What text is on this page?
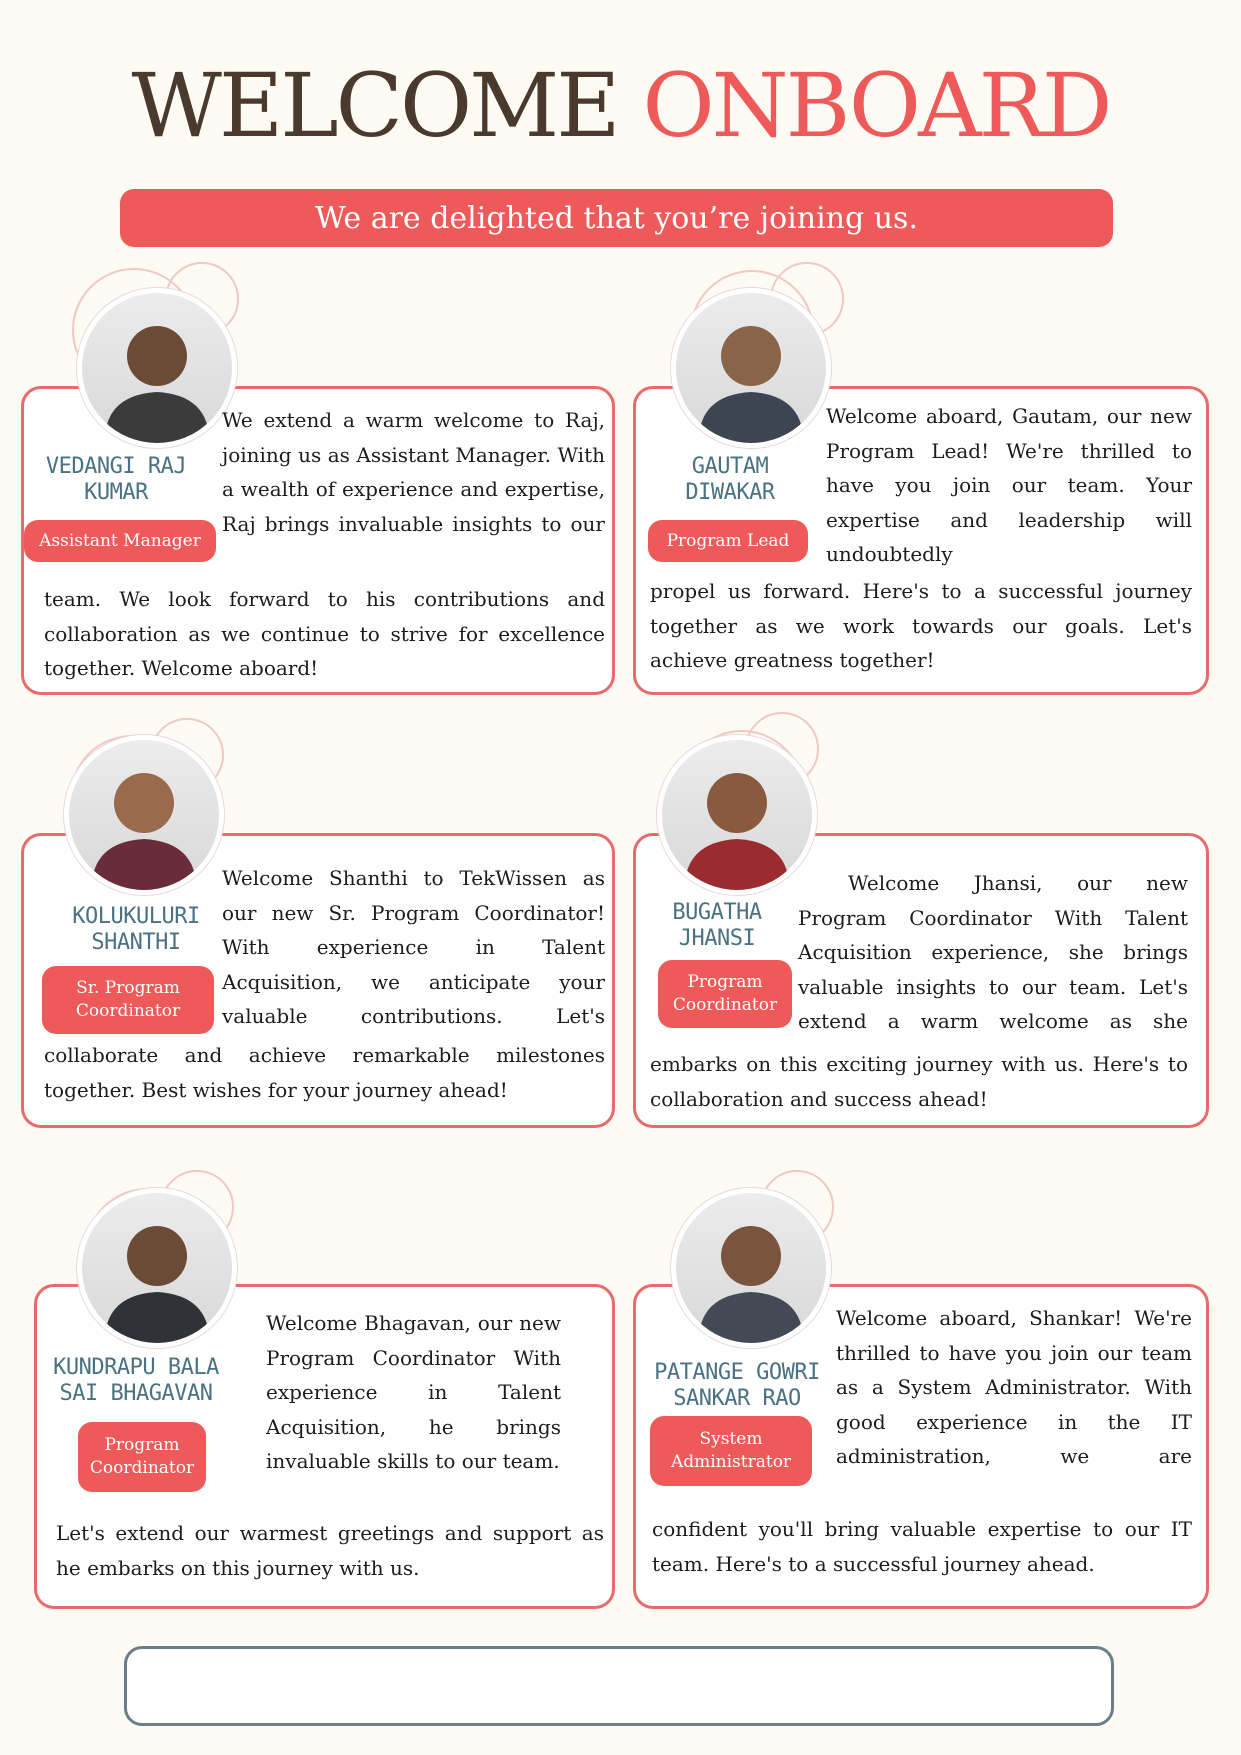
WELCOME ONBOARD
We are delighted that you’re joining us.
VEDANGI RAJ
KUMAR
Assistant Manager
We extend a warm welcome to Raj, joining us as Assistant Manager. With a wealth of experience and expertise, Raj brings invaluable insights to our
team. We look forward to his contributions and collaboration as we continue to strive for excellence together. Welcome aboard!
GAUTAM
DIWAKAR
Program Lead
Welcome aboard, Gautam, our new Program Lead! We're thrilled to have you join our team. Your expertise and leadership will undoubtedly
propel us forward. Here's to a successful journey together as we work towards our goals. Let's achieve greatness together!
KOLUKULURI
SHANTHI
Sr. Program
Coordinator
Welcome Shanthi to TekWissen as our new Sr. Program Coordinator! With experience in Talent Acquisition, we anticipate your valuable contributions. Let's
collaborate and achieve remarkable milestones together. Best wishes for your journey ahead!
BUGATHA
JHANSI
Program
Coordinator
Welcome Jhansi, our new Program Coordinator With Talent Acquisition experience, she brings valuable insights to our team. Let's extend a warm welcome as she
embarks on this exciting journey with us. Here's to collaboration and success ahead!
KUNDRAPU BALA
SAI BHAGAVAN
Program
Coordinator
Welcome Bhagavan, our new Program Coordinator With experience in Talent Acquisition, he brings invaluable skills to our team.
Let's extend our warmest greetings and support as he embarks on this journey with us.
PATANGE GOWRI
SANKAR RAO
System
Administrator
Welcome aboard, Shankar! We're thrilled to have you join our team as a System Administrator. With good experience in the IT administration, we are
confident you'll bring valuable expertise to our IT team. Here's to a successful journey ahead.
